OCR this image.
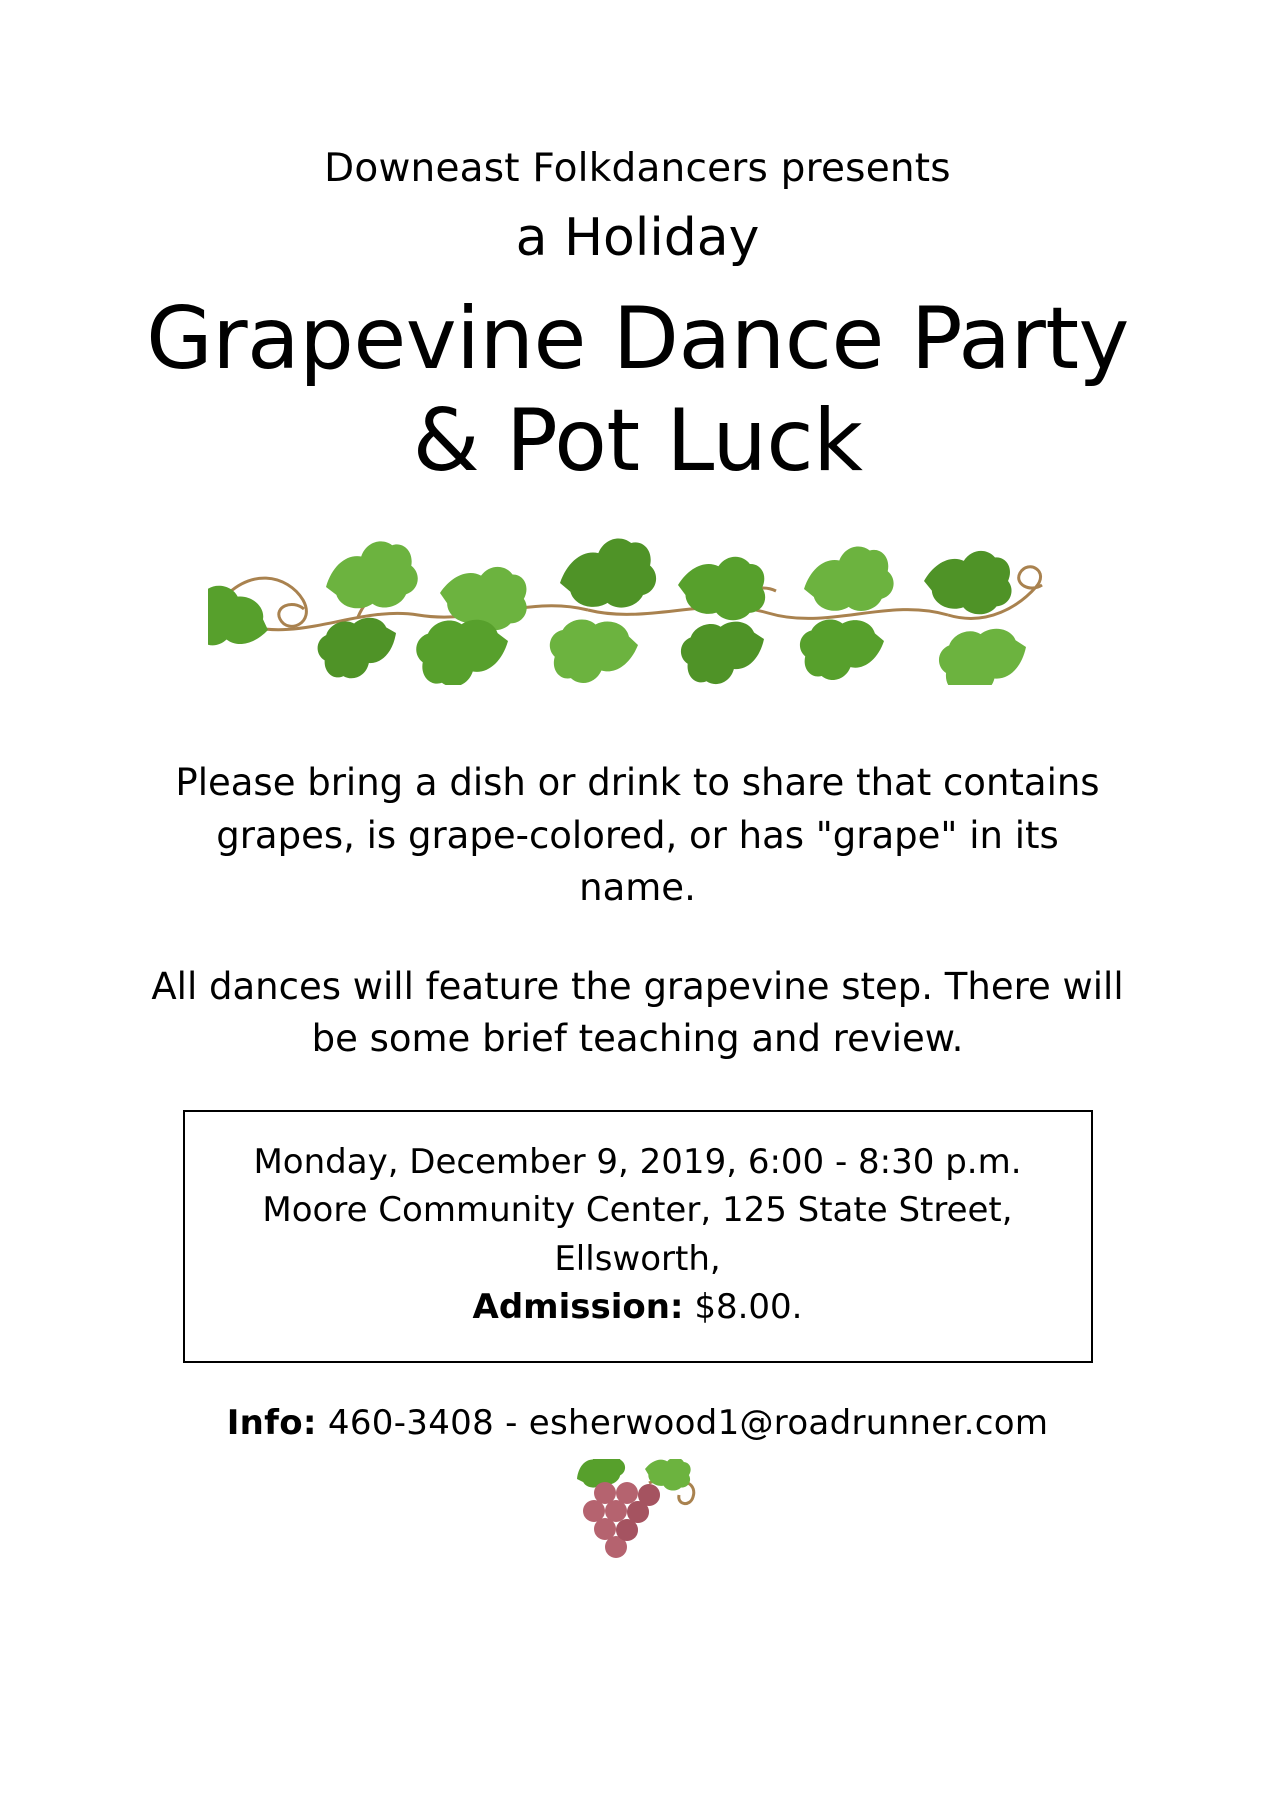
Downeast Folkdancers presents
a Holiday
Grapevine Dance Party
& Pot Luck
Please bring a dish or drink to share that contains grapes, is grape-colored, or has "grape" in its name.
All dances will feature the grapevine step. There will be some brief teaching and review.
Monday, December 9, 2019, 6:00 - 8:30 p.m.
Moore Community Center, 125 State Street, Ellsworth,
Admission: $8.00.
Info: 460-3408 - esherwood1@roadrunner.com
